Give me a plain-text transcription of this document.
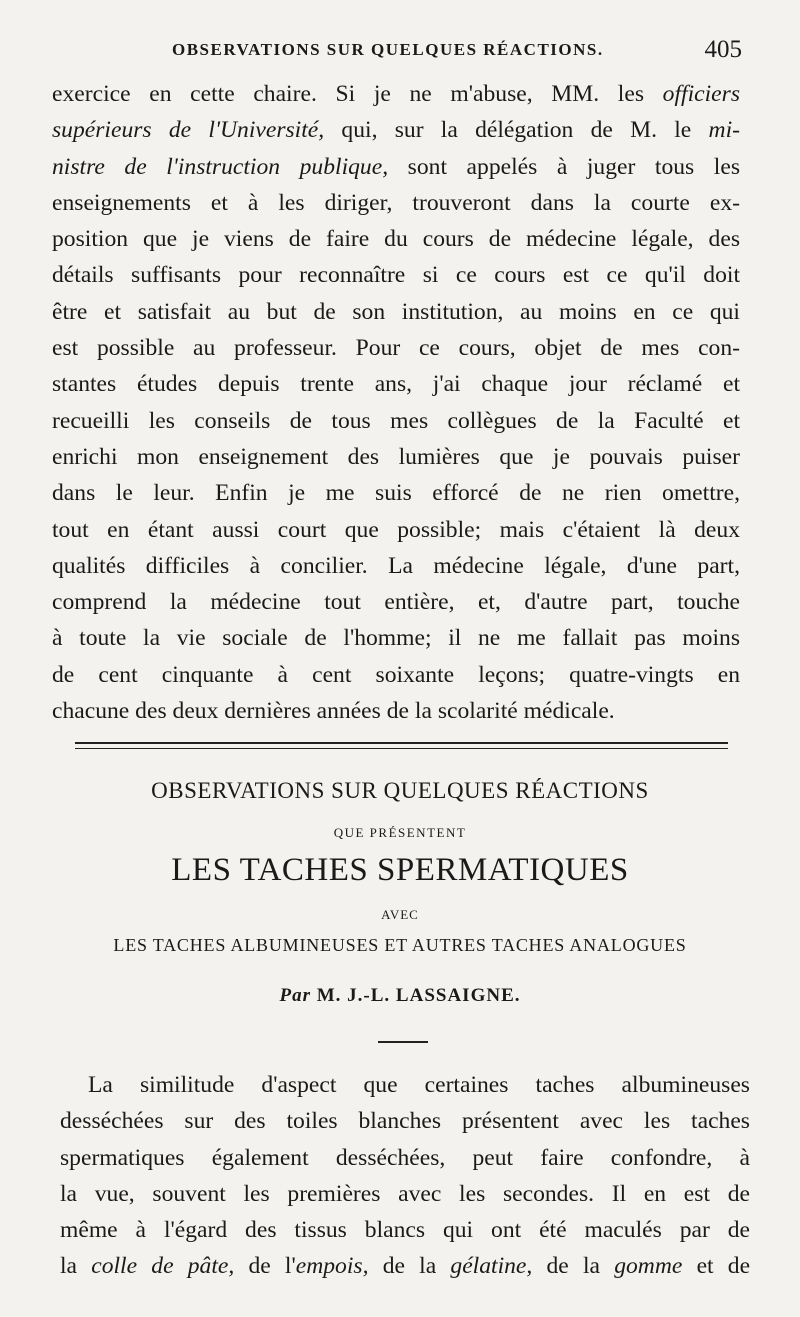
OBSERVATIONS SUR QUELQUES RÉACTIONS.	405
exercice en cette chaire. Si je ne m'abuse, MM. les officiers
supérieurs de l'Université, qui, sur la délégation de M. le mi-
nistre de l'instruction publique, sont appelés à juger tous les
enseignements et à les diriger, trouveront dans la courte ex-
position que je viens de faire du cours de médecine légale, des
détails suffisants pour reconnaître si ce cours est ce qu'il doit
être et satisfait au but de son institution, au moins en ce qui
est possible au professeur. Pour ce cours, objet de mes con-
stantes études depuis trente ans, j'ai chaque jour réclamé et
recueilli les conseils de tous mes collègues de la Faculté et
enrichi mon enseignement des lumières que je pouvais puiser
dans le leur. Enfin je me suis efforcé de ne rien omettre,
tout en étant aussi court que possible; mais c'étaient là deux
qualités difficiles à concilier. La médecine légale, d'une part,
comprend la médecine tout entière, et, d'autre part, touche
à toute la vie sociale de l'homme; il ne me fallait pas moins
de cent cinquante à cent soixante leçons; quatre-vingts en
chacune des deux dernières années de la scolarité médicale.
OBSERVATIONS SUR QUELQUES RÉACTIONS
QUE PRÉSENTENT
LES TACHES SPERMATIQUES
AVEC
LES TACHES ALBUMINEUSES ET AUTRES TACHES ANALOGUES
Par M. J.-L. LASSAIGNE.
La similitude d'aspect que certaines taches albumineuses
desséchées sur des toiles blanches présentent avec les taches
spermatiques également desséchées, peut faire confondre, à
la vue, souvent les premières avec les secondes. Il en est de
même à l'égard des tissus blancs qui ont été maculés par de
la colle de pâte, de l'empois, de la gélatine, de la gomme et de
